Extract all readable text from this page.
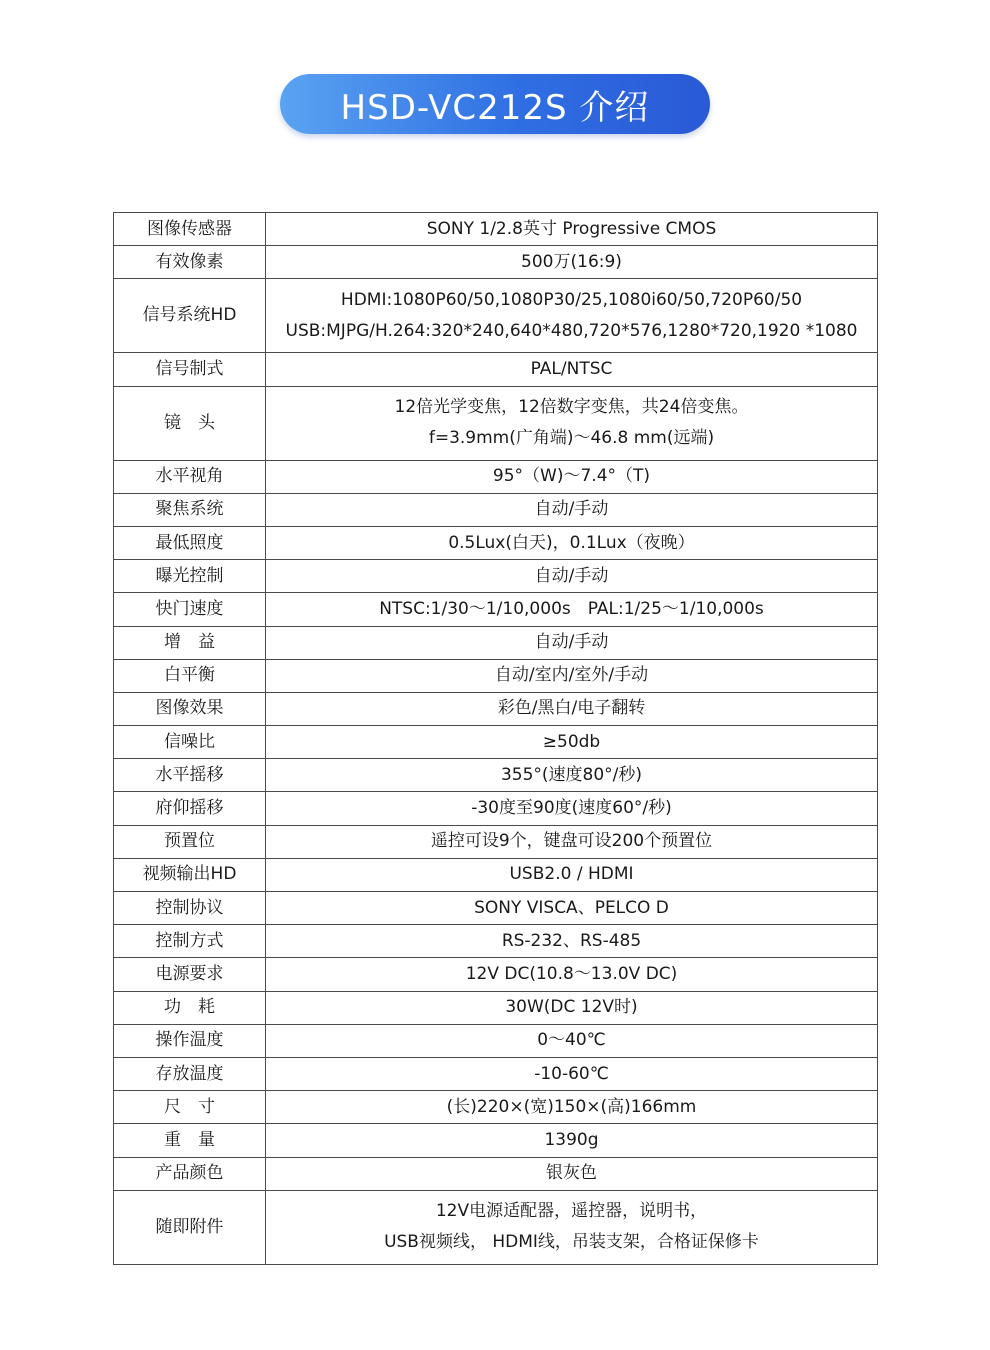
HSD-VC212S 介绍
图像传感器	SONY 1/2.8英寸 Progressive CMOS

有效像素	500万(16:9)

信号系统HD	HDMI:1080P60/50,1080P30/25,1080i60/50,720P60/50
USB:MJPG/H.264:320*240,640*480,720*576,1280*720,1920 *1080

信号制式	PAL/NTSC

镜　头	12倍光学变焦，12倍数字变焦，共24倍变焦。
f=3.9mm(广角端)～46.8 mm(远端)

水平视角	95°（W)～7.4°（T)

聚焦系统	自动/手动

最低照度	0.5Lux(白天)，0.1Lux（夜晚）

曝光控制	自动/手动

快门速度	NTSC:1/30～1/10,000s　PAL:1/25～1/10,000s

增　益	自动/手动

白平衡	自动/室内/室外/手动

图像效果	彩色/黑白/电子翻转

信噪比	≥50db

水平摇移	355°(速度80°/秒)

府仰摇移	-30度至90度(速度60°/秒)

预置位	遥控可设9个，键盘可设200个预置位

视频输出HD	USB2.0 / HDMI

控制协议	SONY VISCA、PELCO D

控制方式	RS-232、RS-485

电源要求	12V DC(10.8～13.0V DC)

功　耗	30W(DC 12V时)

操作温度	0～40℃

存放温度	-10-60℃

尺　寸	(长)220×(宽)150×(高)166mm

重　量	1390g

产品颜色	银灰色

随即附件	12V电源适配器，遥控器，说明书，
USB视频线， HDMI线，吊装支架，合格证保修卡
